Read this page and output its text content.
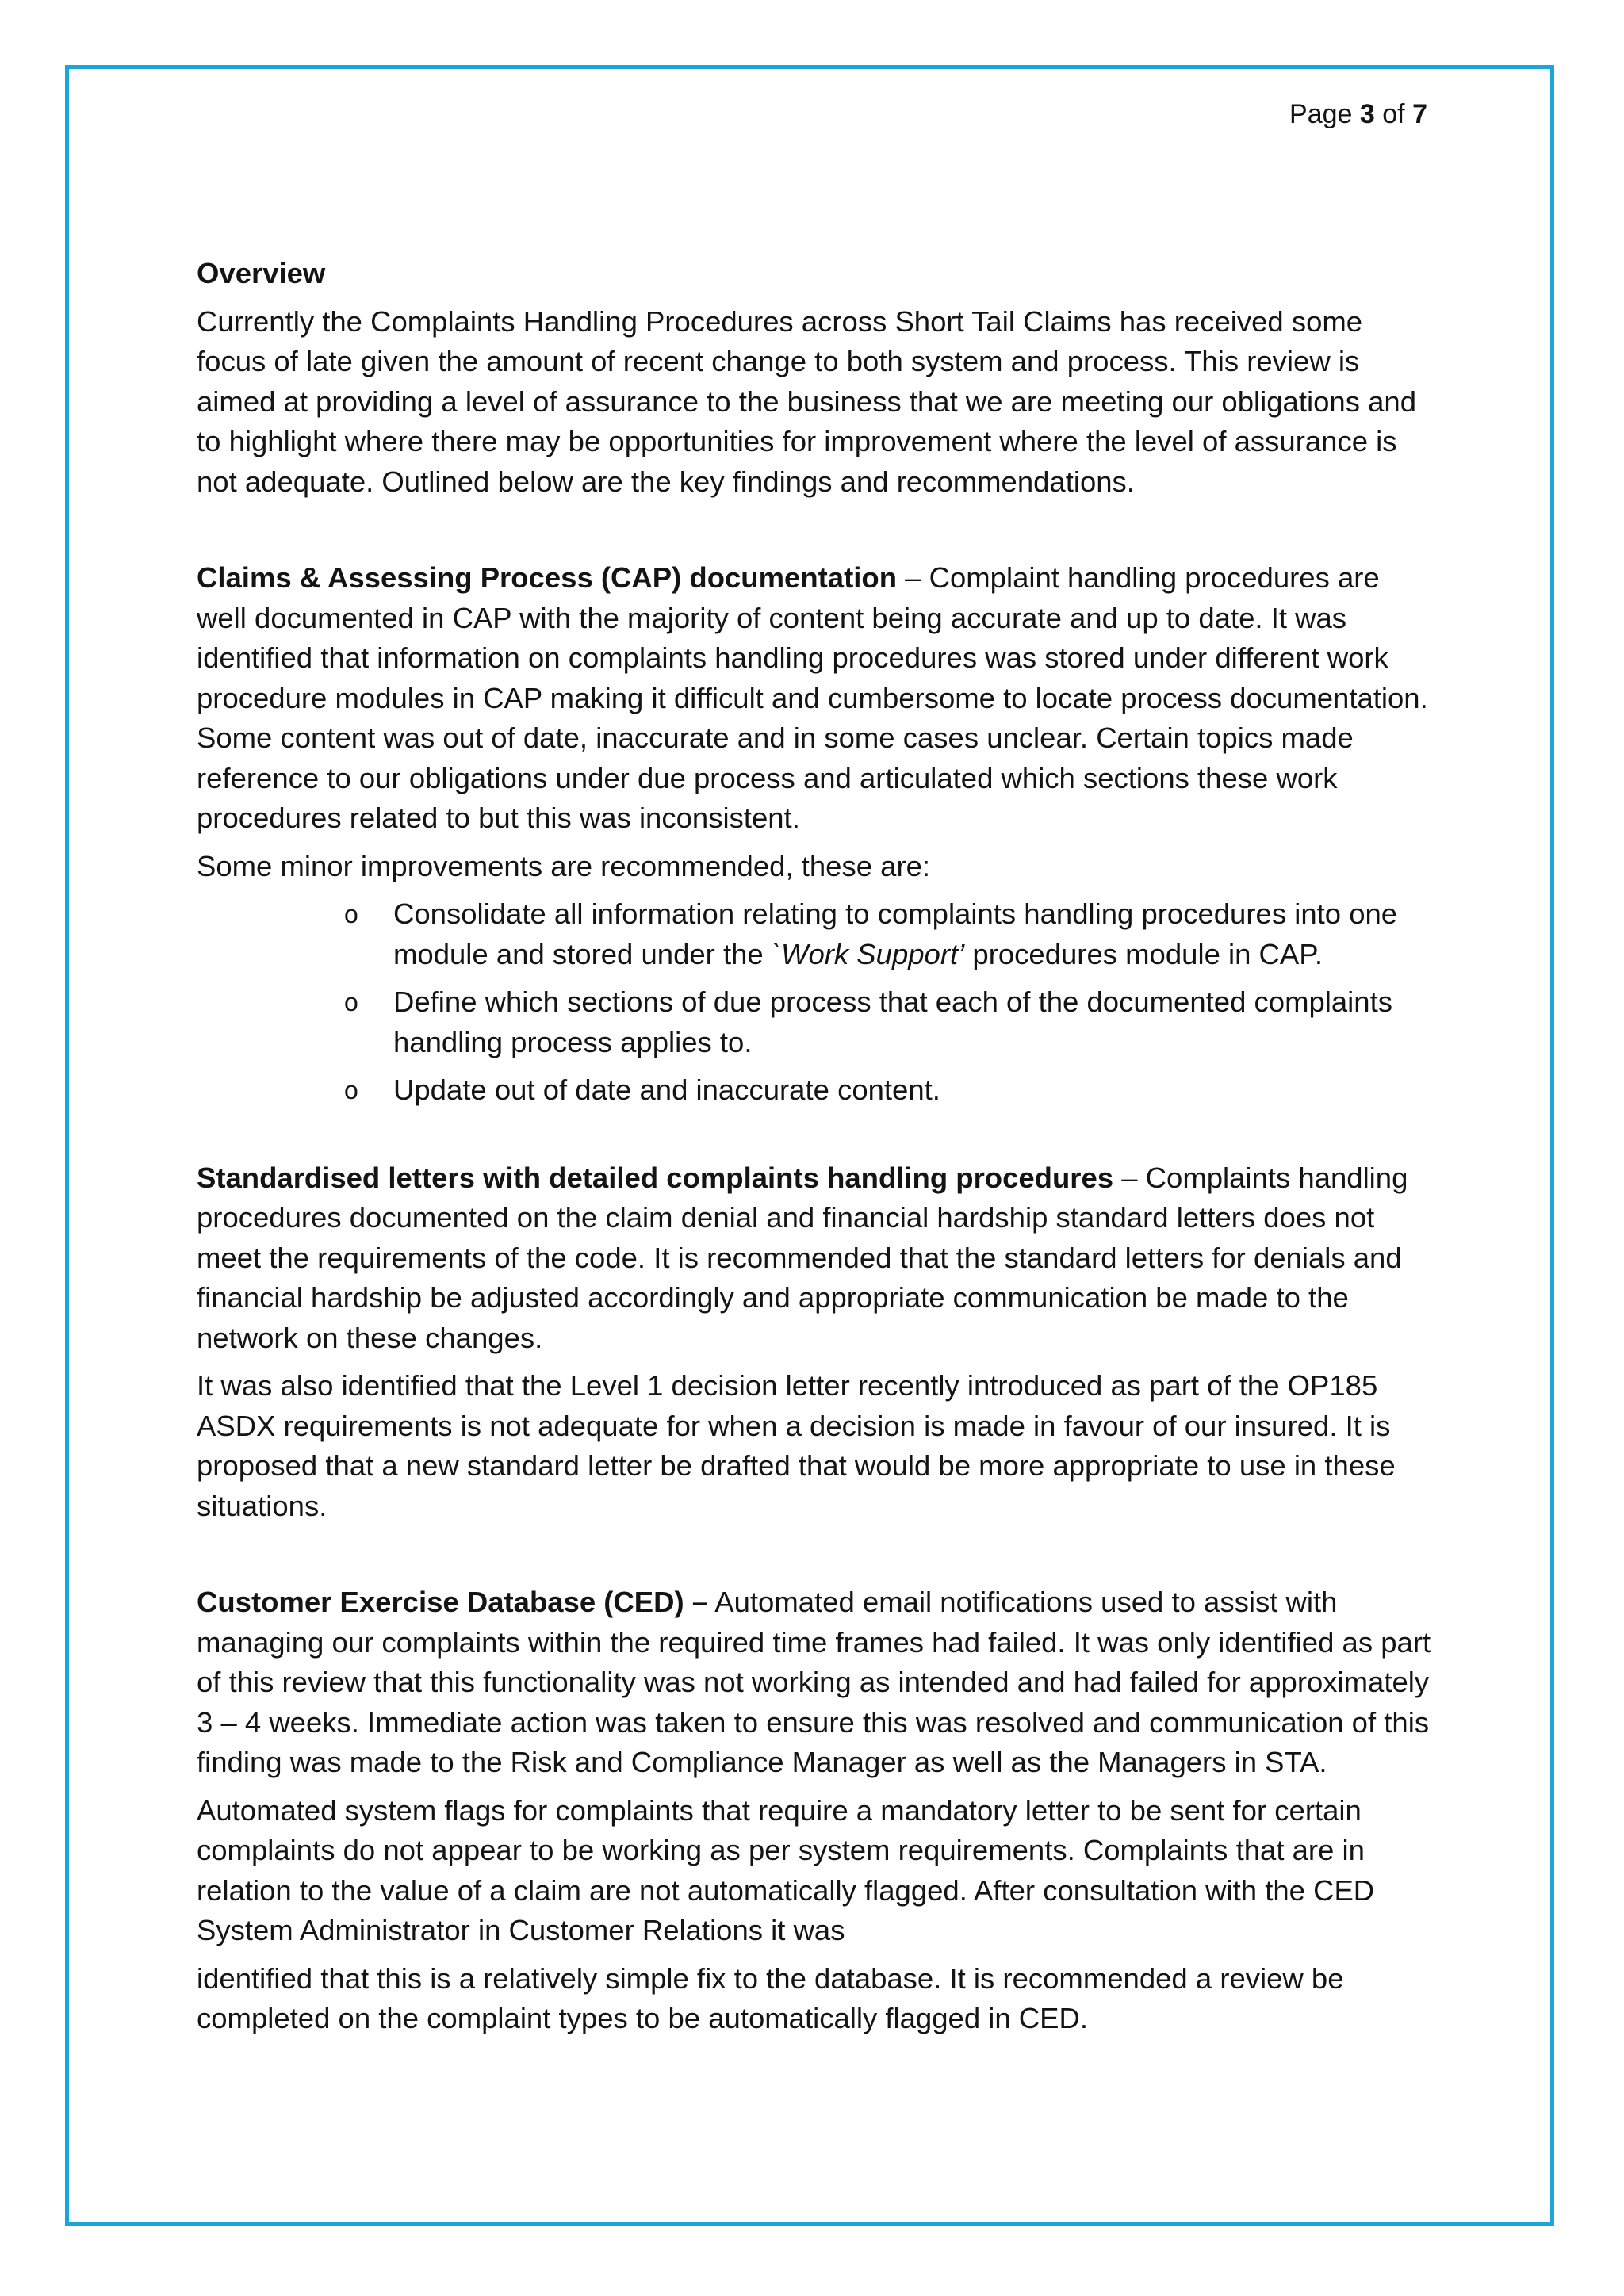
Page 3 of 7
Overview

Currently the Complaints Handling Procedures across Short Tail Claims has received some focus of late given the amount of recent change to both system and process. This review is aimed at providing a level of assurance to the business that we are meeting our obligations and to highlight where there may be opportunities for improvement where the level of assurance is not adequate. Outlined below are the key findings and recommendations.

Claims & Assessing Process (CAP) documentation – Complaint handling procedures are well documented in CAP with the majority of content being accurate and up to date. It was identified that information on complaints handling procedures was stored under different work procedure modules in CAP making it difficult and cumbersome to locate process documentation. Some content was out of date, inaccurate and in some cases unclear. Certain topics made reference to our obligations under due process and articulated which sections these work procedures related to but this was inconsistent.

Some minor improvements are recommended, these are:

o Consolidate all information relating to complaints handling procedures into one module and stored under the `Work Support’ procedures module in CAP.
o Define which sections of due process that each of the documented complaints handling process applies to.
o Update out of date and inaccurate content.

Standardised letters with detailed complaints handling procedures – Complaints handling procedures documented on the claim denial and financial hardship standard letters does not meet the requirements of the code. It is recommended that the standard letters for denials and financial hardship be adjusted accordingly and appropriate communication be made to the network on these changes.

It was also identified that the Level 1 decision letter recently introduced as part of the OP185 ASDX requirements is not adequate for when a decision is made in favour of our insured. It is proposed that a new standard letter be drafted that would be more appropriate to use in these situations.

Customer Exercise Database (CED) – Automated email notifications used to assist with managing our complaints within the required time frames had failed. It was only identified as part of this review that this functionality was not working as intended and had failed for approximately 3 – 4 weeks. Immediate action was taken to ensure this was resolved and communication of this finding was made to the Risk and Compliance Manager as well as the Managers in STA.

Automated system flags for complaints that require a mandatory letter to be sent for certain complaints do not appear to be working as per system requirements. Complaints that are in relation to the value of a claim are not automatically flagged. After consultation with the CED System Administrator in Customer Relations it was

identified that this is a relatively simple fix to the database. It is recommended a review be completed on the complaint types to be automatically flagged in CED.
